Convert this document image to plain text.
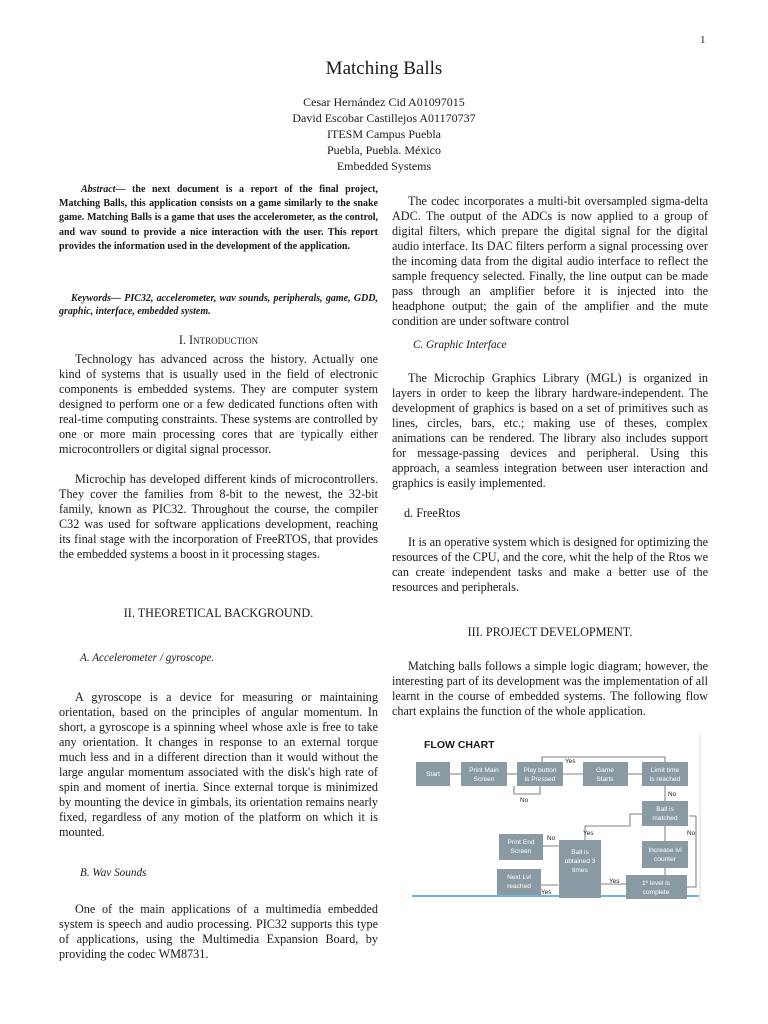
1
Matching Balls
Cesar Hernández Cid A01097015
David Escobar Castillejos A01170737
ITESM Campus Puebla
Puebla, Puebla. México
Embedded Systems
Abstract— the next document is a report of the final project, Matching Balls, this application consists on a game similarly to the snake game. Matching Balls is a game that uses the accelerometer, as the control, and wav sound to provide a nice interaction with the user. This report provides the information used in the development of the application.
Keywords— PIC32, accelerometer, wav sounds, peripherals, game, GDD, graphic, interface, embedded system.
I. Introduction

Technology has advanced across the history. Actually one kind of systems that is usually used in the field of electronic components is embedded systems. They are computer system designed to perform one or a few dedicated functions often with real-time computing constraints. These systems are controlled by one or more main processing cores that are typically either microcontrollers or digital signal processor.

Microchip has developed different kinds of microcontrollers. They cover the families from 8-bit to the newest, the 32-bit family, known as PIC32. Throughout the course, the compiler C32 was used for software applications development, reaching its final stage with the incorporation of FreeRTOS, that provides the embedded systems a boost in it processing stages.

II. THEORETICAL BACKGROUND.
A. Accelerometer / gyroscope.

A gyroscope is a device for measuring or maintaining orientation, based on the principles of angular momentum. In short, a gyroscope is a spinning wheel whose axle is free to take any orientation. It changes in response to an external torque much less and in a different direction than it would without the large angular momentum associated with the disk's high rate of spin and moment of inertia. Since external torque is minimized by mounting the device in gimbals, its orientation remains nearly fixed, regardless of any motion of the platform on which it is mounted.

B. Wav Sounds

One of the main applications of a multimedia embedded system is speech and audio processing. PIC32 supports this type of applications, using the Multimedia Expansion Board, by providing the codec WM8731.

The codec incorporates a multi-bit oversampled sigma-delta ADC. The output of the ADCs is now applied to a group of digital filters, which prepare the digital signal for the digital audio interface. Its DAC filters perform a signal processing over the incoming data from the digital audio interface to reflect the sample frequency selected. Finally, the line output can be made pass through an amplifier before it is injected into the headphone output; the gain of the amplifier and the mute condition are under software control

C. Graphic Interface

The Microchip Graphics Library (MGL) is organized in layers in order to keep the library hardware-independent. The development of graphics is based on a set of primitives such as lines, circles, bars, etc.; making use of theses, complex animations can be rendered. The library also includes support for message-passing devices and peripheral. Using this approach, a seamless integration between user interaction and graphics is easily implemented.

d. FreeRtos

It is an operative system which is designed for optimizing the resources of the CPU, and the core, whit the help of the Rtos we can create independent tasks and make a better use of the resources and peripherals.

III. PROJECT DEVELOPMENT.

Matching balls follows a simple logic diagram; however, the interesting part of its development was the implementation of all learnt in the course of embedded systems. The following flow chart explains the function of the whole application.

FLOW CHART
Start
Print Main
Screen
Play button
is Pressed
Game
Starts
Limit time
is reached
Ball is
matched
Increase lvl
counter
Print End
Screen
Next Lvl
reached
Ball is
obtained 3
times
1º level is
complete
Yes
No
No
No
Yes
No
Yes
Yes
